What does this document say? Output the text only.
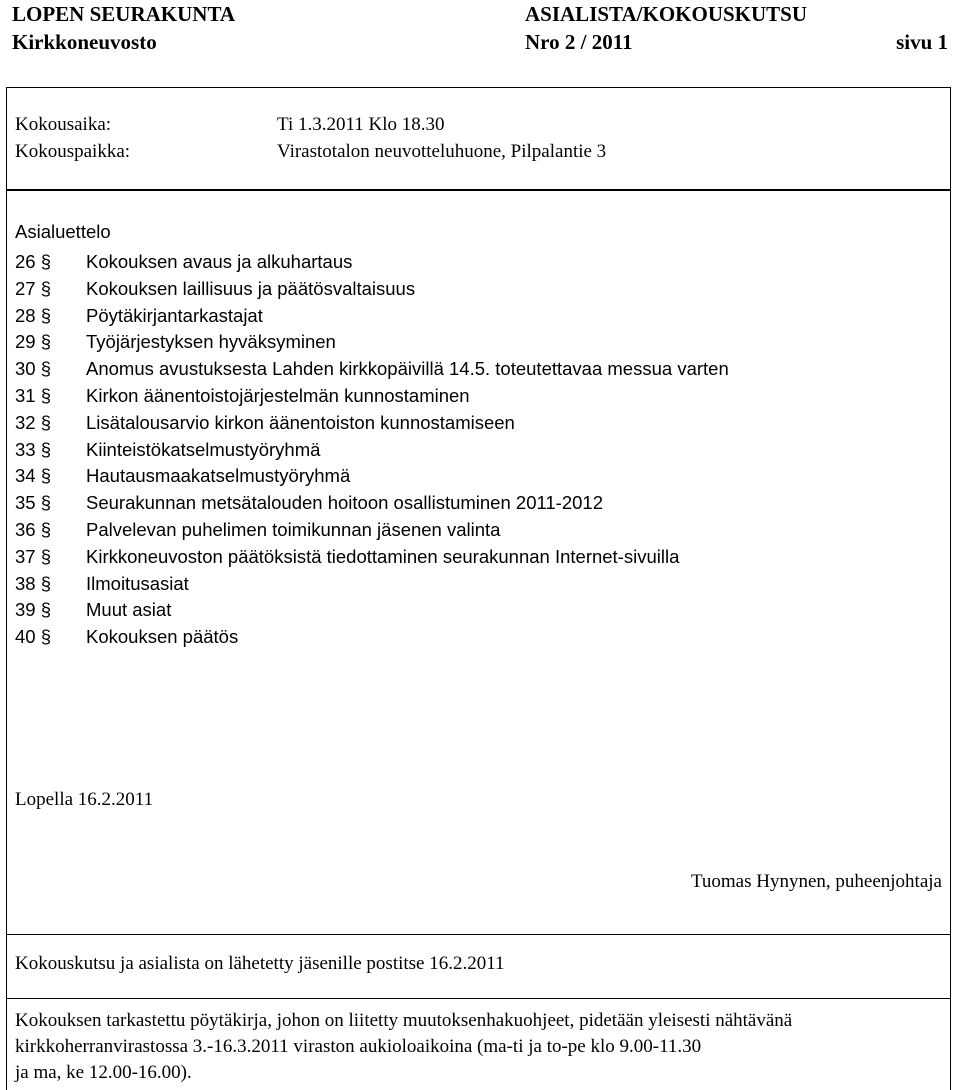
LOPEN SEURAKUNTA	ASIALISTA/KOKOUSKUTSU
Kirkkoneuvosto	Nro 2 / 2011	sivu 1
Kokousaika:	Ti 1.3.2011 Klo 18.30
Kokouspaikka:	Virastotalon neuvotteluhuone, Pilpalantie 3
Asialuettelo
26 § Kokouksen avaus ja alkuhartaus
27 § Kokouksen laillisuus ja päätösvaltaisuus
28 § Pöytäkirjantarkastajat
29 § Työjärjestyksen hyväksyminen
30 § Anomus avustuksesta Lahden kirkkopäivillä 14.5. toteutettavaa messua varten
31 § Kirkon äänentoistojärjestelmän kunnostaminen
32 § Lisätalousarvio kirkon äänentoiston kunnostamiseen
33 § Kiinteistökatselmustyöryhmä
34 § Hautausmaakatselmustyöryhmä
35 § Seurakunnan metsätalouden hoitoon osallistuminen 2011-2012
36 § Palvelevan puhelimen toimikunnan jäsenen valinta
37 § Kirkkoneuvoston päätöksistä tiedottaminen seurakunnan Internet-sivuilla
38 § Ilmoitusasiat
39 § Muut asiat
40 § Kokouksen päätös
Lopella 16.2.2011
Tuomas Hynynen, puheenjohtaja
Kokouskutsu ja asialista on lähetetty jäsenille postitse 16.2.2011

Kokouksen tarkastettu pöytäkirja, johon on liitetty muutoksenhakuohjeet, pidetään yleisesti nähtävänä

kirkkoherranvirastossa 3.-16.3.2011 viraston aukioloaikoina (ma-ti ja to-pe klo 9.00-11.30

ja ma, ke 12.00-16.00).
